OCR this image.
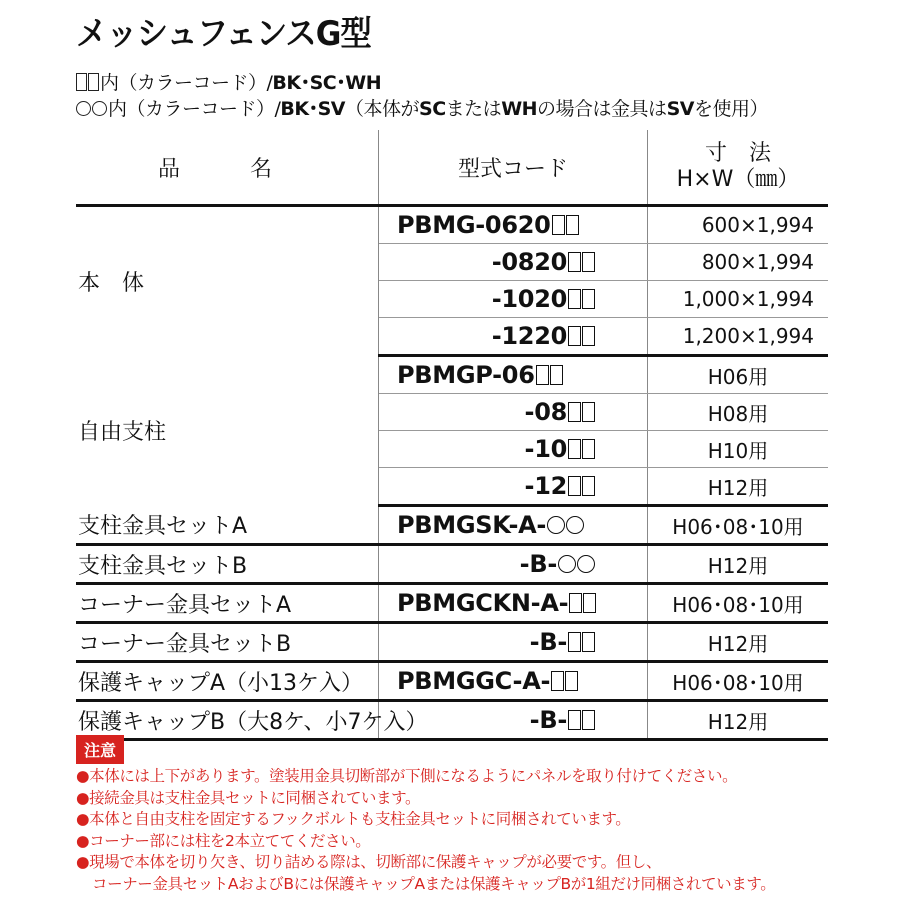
メッシュフェンスG型
内（カラーコード）/BK･SC･WH
内（カラーコード）/BK･SV（本体がSCまたはWHの場合は金具はSVを使用）
品　名	型式コード	寸　法
H×W（㎜）

本　体	PBMG-0620	600×1,994
	-0820	800×1,994
	-1020	1,000×1,994
	-1220	1,200×1,994
自由支柱	PBMGP-06	H06用
	-08	H08用
	-10	H10用
	-12	H12用
支柱金具セットA	PBMGSK-A-	H06･08･10用
支柱金具セットB	-B-	H12用
コーナー金具セットA	PBMGCKN-A-	H06･08･10用
コーナー金具セットB	-B-	H12用
保護キャップA（小13ケ入）	PBMGGC-A-	H06･08･10用
保護キャップB（大8ケ、小7ケ入）	-B-	H12用
注意
●本体には上下があります。塗装用金具切断部が下側になるようにパネルを取り付けてください。
●接続金具は支柱金具セットに同梱されています。
●本体と自由支柱を固定するフックボルトも支柱金具セットに同梱されています。
●コーナー部には柱を2本立ててください。
●現場で本体を切り欠き、切り詰める際は、切断部に保護キャップが必要です。但し、
コーナー金具セットAおよびBには保護キャップAまたは保護キャップBが1組だけ同梱されています。
